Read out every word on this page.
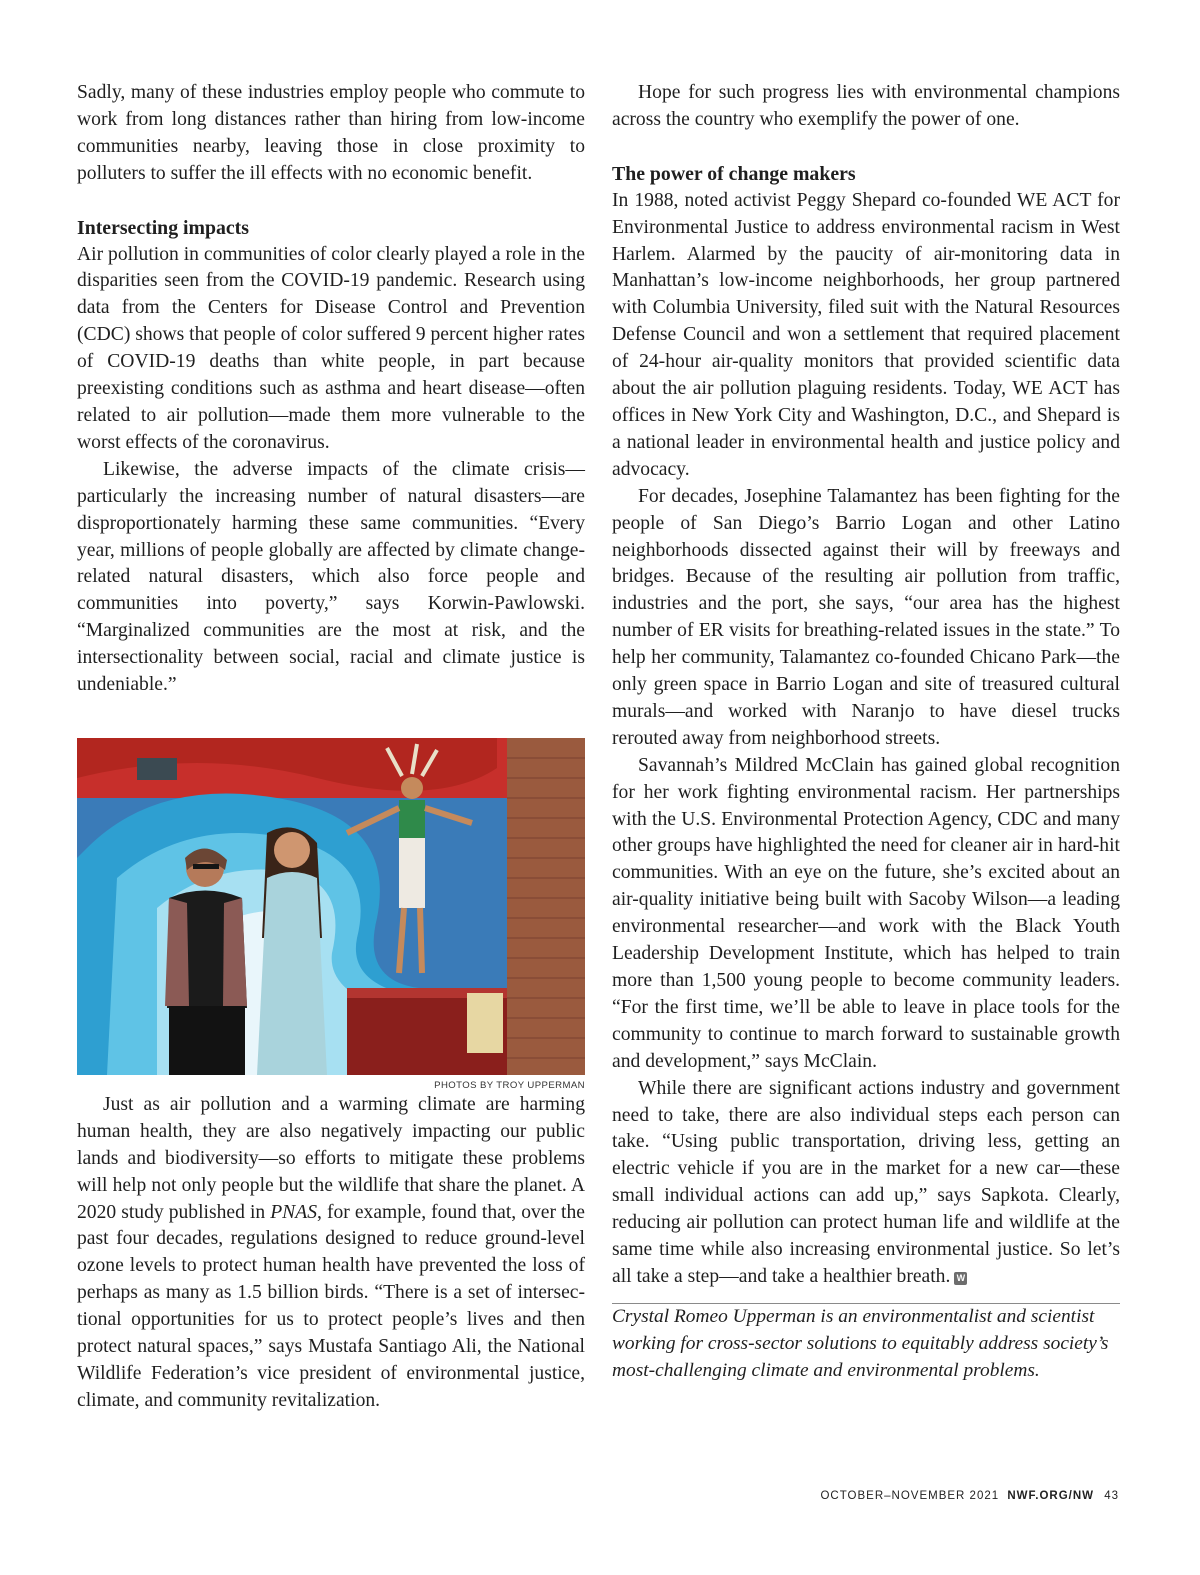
Sadly, many of these industries employ people who commute to work from long distances rather than hiring from low-income communities nearby, leaving those in close proximity to polluters to suffer the ill effects with no economic benefit.

Intersecting impacts

Air pollution in communities of color clearly played a role in the disparities seen from the COVID-19 pandemic. Research using data from the Centers for Disease Control and Prevention (CDC) shows that people of color suffered 9 percent higher rates of COVID-19 deaths than white people, in part because preexisting conditions such as asthma and heart disease—often related to air pollution—made them more vulnerable to the worst effects of the coronavirus.

Likewise, the adverse impacts of the climate crisis—particularly the increasing number of natural disasters—are disproportionately harming these same communities. “Every year, millions of people globally are affected by climate change-related natural disasters, which also force people and communities into poverty,” says Korwin-Pawlowski. “Marginalized communities are the most at risk, and the intersectionality between social, racial and climate justice is undeniable.”

PHOTOS BY TROY UPPERMAN

Just as air pollution and a warming climate are harming human health, they are also negatively impacting our public lands and biodiversity—so efforts to mitigate these problems will help not only people but the wildlife that share the planet. A 2020 study published in PNAS, for example, found that, over the past four decades, regulations designed to reduce ground-level ozone levels to protect human health have prevented the loss of perhaps as many as 1.5 billion birds. “There is a set of intersectional opportunities for us to protect people’s lives and then protect natural spaces,” says Mustafa Santiago Ali, the National Wildlife Federation’s vice president of environmental justice, climate, and community revitalization.

Hope for such progress lies with environmental champions across the country who exemplify the power of one.

The power of change makers

In 1988, noted activist Peggy Shepard co-founded WE ACT for Environmental Justice to address environmental racism in West Harlem. Alarmed by the paucity of air-monitoring data in Manhattan’s low-income neighborhoods, her group partnered with Columbia University, filed suit with the Natural Resources Defense Council and won a settlement that required placement of 24-hour air-quality monitors that provided scientific data about the air pollution plaguing residents. Today, WE ACT has offices in New York City and Washington, D.C., and Shepard is a national leader in environmental health and justice policy and advocacy.

For decades, Josephine Talamantez has been fighting for the people of San Diego’s Barrio Logan and other Latino neighborhoods dissected against their will by freeways and bridges. Because of the resulting air pollution from traffic, industries and the port, she says, “our area has the highest number of ER visits for breathing-related issues in the state.” To help her community, Talamantez co-founded Chicano Park—the only green space in Barrio Logan and site of treasured cultural murals—and worked with Naranjo to have diesel trucks rerouted away from neighborhood streets.

Savannah’s Mildred McClain has gained global recognition for her work fighting environmental racism. Her partnerships with the U.S. Environmental Protection Agency, CDC and many other groups have highlighted the need for cleaner air in hard-hit communities. With an eye on the future, she’s excited about an air-quality initiative being built with Sacoby Wilson—a leading environmental researcher—and work with the Black Youth Leadership Development Institute, which has helped to train more than 1,500 young people to become community leaders. “For the first time, we’ll be able to leave in place tools for the community to continue to march forward to sustainable growth and development,” says McClain.

While there are significant actions industry and government need to take, there are also individual steps each person can take. “Using public transportation, driving less, getting an electric vehicle if you are in the market for a new car—these small individual actions can add up,” says Sapkota. Clearly, reducing air pollution can protect human life and wildlife at the same time while also increasing environmental justice. So let’s all take a step—and take a healthier breath. W

Crystal Romeo Upperman is an environmentalist and scientist working for cross-sector solutions to equitably address society’s most-challenging climate and environmental problems.

OCTOBER–NOVEMBER 2021 NWF.ORG/NW 43
